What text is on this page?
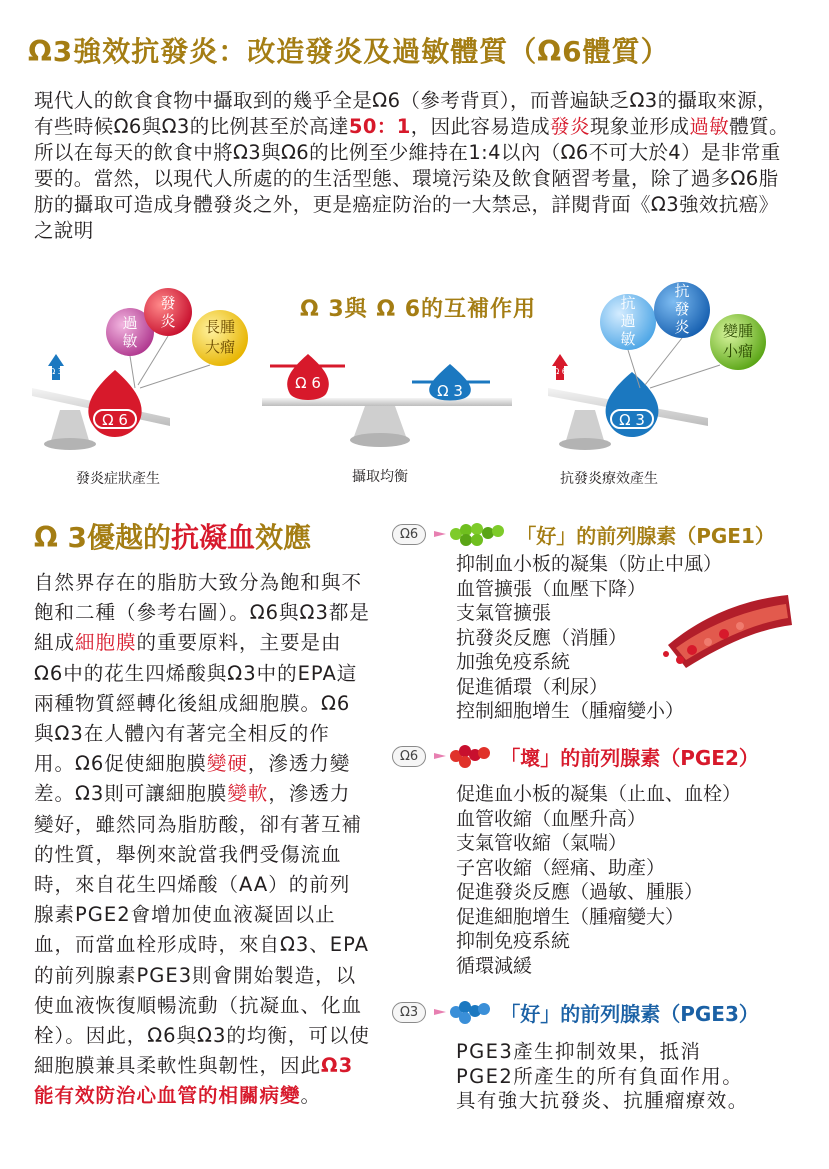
Ω3強效抗發炎：改造發炎及過敏體質（Ω6體質）
現代人的飲食食物中攝取到的幾乎全是Ω6（參考背頁），而普遍缺乏Ω3的攝取來源，有些時候Ω6與Ω3的比例甚至於高達50：1，因此容易造成發炎現象並形成過敏體質。所以在每天的飲食中將Ω3與Ω6的比例至少維持在1:4以內（Ω6不可大於4）是非常重要的。當然，以現代人所處的的生活型態、環境污染及飲食陋習考量，除了過多Ω6脂肪的攝取可造成身體發炎之外，更是癌症防治的一大禁忌，詳閱背面《Ω3強效抗癌》之說明
Ω 3
Ω 6
過
敏
發
炎 長腫
大瘤
Ω 6	Ω 3
Ω 6
Ω 3
抗
過
敏
抗
發
炎 變腫
小瘤
Ω 3與 Ω 6的互補作用
發炎症狀產生	攝取均衡	抗發炎療效產生
Ω 3優越的抗凝血效應
自然界存在的脂肪大致分為飽和與不飽和二種（參考右圖）。Ω6與Ω3都是組成細胞膜的重要原料，主要是由Ω6中的花生四烯酸與Ω3中的EPA這兩種物質經轉化後組成細胞膜。Ω6與Ω3在人體內有著完全相反的作用。Ω6促使細胞膜變硬，滲透力變差。Ω3則可讓細胞膜變軟，滲透力變好，雖然同為脂肪酸，卻有著互補的性質，舉例來說當我們受傷流血時，來自花生四烯酸（AA）的前列腺素PGE2會增加使血液凝固以止血，而當血栓形成時，來自Ω3、EPA的前列腺素PGE3則會開始製造，以使血液恢復順暢流動（抗凝血、化血栓）。因此，Ω6與Ω3的均衡，可以使細胞膜兼具柔軟性與韌性，因此Ω3能有效防治心血管的相關病變。
Ω6	「好」的前列腺素（PGE1）
抑制血小板的凝集（防止中風）
血管擴張（血壓下降）
支氣管擴張
抗發炎反應（消腫）
加強免疫系統
促進循環（利尿）
控制細胞增生（腫瘤變小）
Ω6	「壞」的前列腺素（PGE2）
促進血小板的凝集（止血、血栓）
血管收縮（血壓升高）
支氣管收縮（氣喘）
子宮收縮（經痛、助產）
促進發炎反應（過敏、腫脹）
促進細胞增生（腫瘤變大）
抑制免疫系統
循環減緩
Ω3	「好」的前列腺素（PGE3）
PGE3產生抑制效果，抵消PGE2所產生的所有負面作用。具有強大抗發炎、抗腫瘤療效。
